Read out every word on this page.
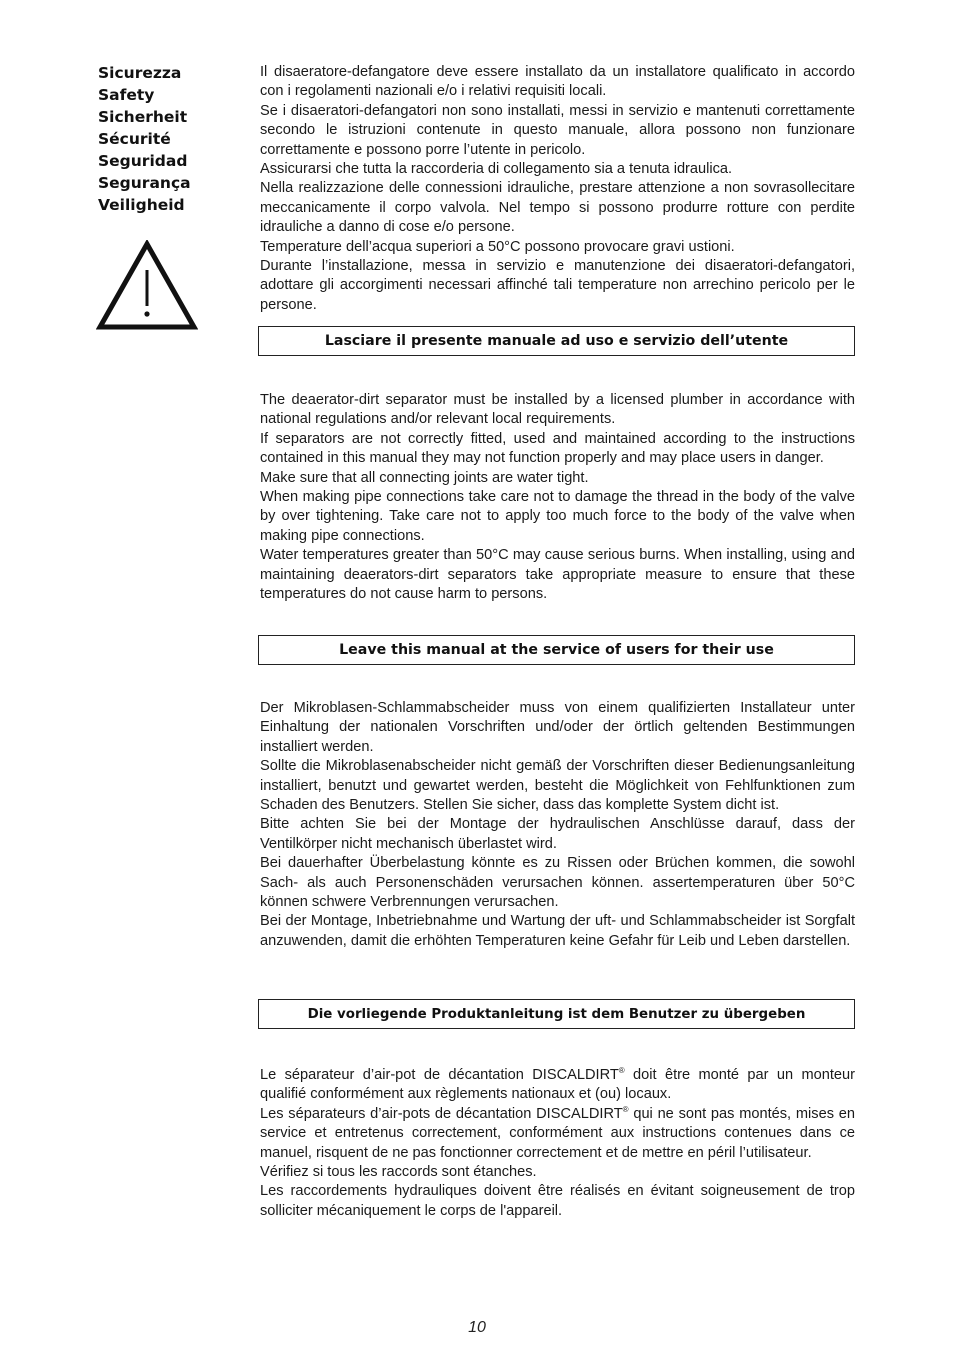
Sicurezza
Safety
Sicherheit
Sécurité
Seguridad
Segurança
Veiligheid

Il disaeratore-defangatore deve essere installato da un installatore qualificato in accordo con i regolamenti nazionali e/o i relativi requisiti locali.

Se i disaeratori-defangatori non sono installati, messi in servizio e mantenuti correttamente secondo le istruzioni contenute in questo manuale, allora possono non funzionare correttamente e possono porre l’utente in pericolo.

Assicurarsi che tutta la raccorderia di collegamento sia a tenuta idraulica.

Nella realizzazione delle connessioni idrauliche, prestare attenzione a non sovrasollecitare meccanicamente il corpo valvola. Nel tempo si possono produrre rotture con perdite idrauliche a danno di cose e/o persone.

Temperature dell’acqua superiori a 50°C possono provocare gravi ustioni.

Durante l’installazione, messa in servizio e manutenzione dei disaeratori-defangatori, adottare gli accorgimenti necessari affinché tali temperature non arrechino pericolo per le persone.

Lasciare il presente manuale ad uso e servizio dell’utente

The deaerator-dirt separator must be installed by a licensed plumber in accordance with national regulations and/or relevant local requirements.

If separators are not correctly fitted, used and maintained according to the instructions contained in this manual they may not function properly and may place users in danger.

Make sure that all connecting joints are water tight.

When making pipe connections take care not to damage the thread in the body of the valve by over tightening. Take care not to apply too much force to the body of the valve when making pipe connections.

Water temperatures greater than 50°C may cause serious burns. When installing, using and maintaining deaerators-dirt separators take appropriate measure to ensure that these temperatures do not cause harm to persons.

Leave this manual at the service of users for their use

Der Mikroblasen-Schlammabscheider muss von einem qualifizierten Installateur unter Einhaltung der nationalen Vorschriften und/oder der örtlich geltenden Bestimmungen installiert werden.

Sollte die Mikroblasenabscheider nicht gemäß der Vorschriften dieser Bedienungsanleitung installiert, benutzt und gewartet werden, besteht die Möglichkeit von Fehlfunktionen zum Schaden des Benutzers. Stellen Sie sicher, dass das komplette System dicht ist.

Bitte achten Sie bei der Montage der hydraulischen Anschlüsse darauf, dass der Ventilkörper nicht mechanisch überlastet wird.

Bei dauerhafter Überbelastung könnte es zu Rissen oder Brüchen kommen, die sowohl Sach- als auch Personenschäden verursachen können. assertemperaturen über 50°C können schwere Verbrennungen verursachen.

Bei der Montage, Inbetriebnahme und Wartung der uft- und Schlammabscheider ist Sorgfalt anzuwenden, damit die erhöhten Temperaturen keine Gefahr für Leib und Leben darstellen.

Die vorliegende Produktanleitung ist dem Benutzer zu übergeben

Le séparateur d’air-pot de décantation DISCALDIRT® doit être monté par un monteur qualifié conformément aux règlements nationaux et (ou) locaux.

Les séparateurs d’air-pots de décantation DISCALDIRT® qui ne sont pas montés, mises en service et entretenus correctement, conformément aux instructions contenues dans ce manuel, risquent de ne pas fonctionner correctement et de mettre en péril l’utilisateur.

Vérifiez si tous les raccords sont étanches.

Les raccordements hydrauliques doivent être réalisés en évitant soigneusement de trop solliciter mécaniquement le corps de l'appareil.

10
